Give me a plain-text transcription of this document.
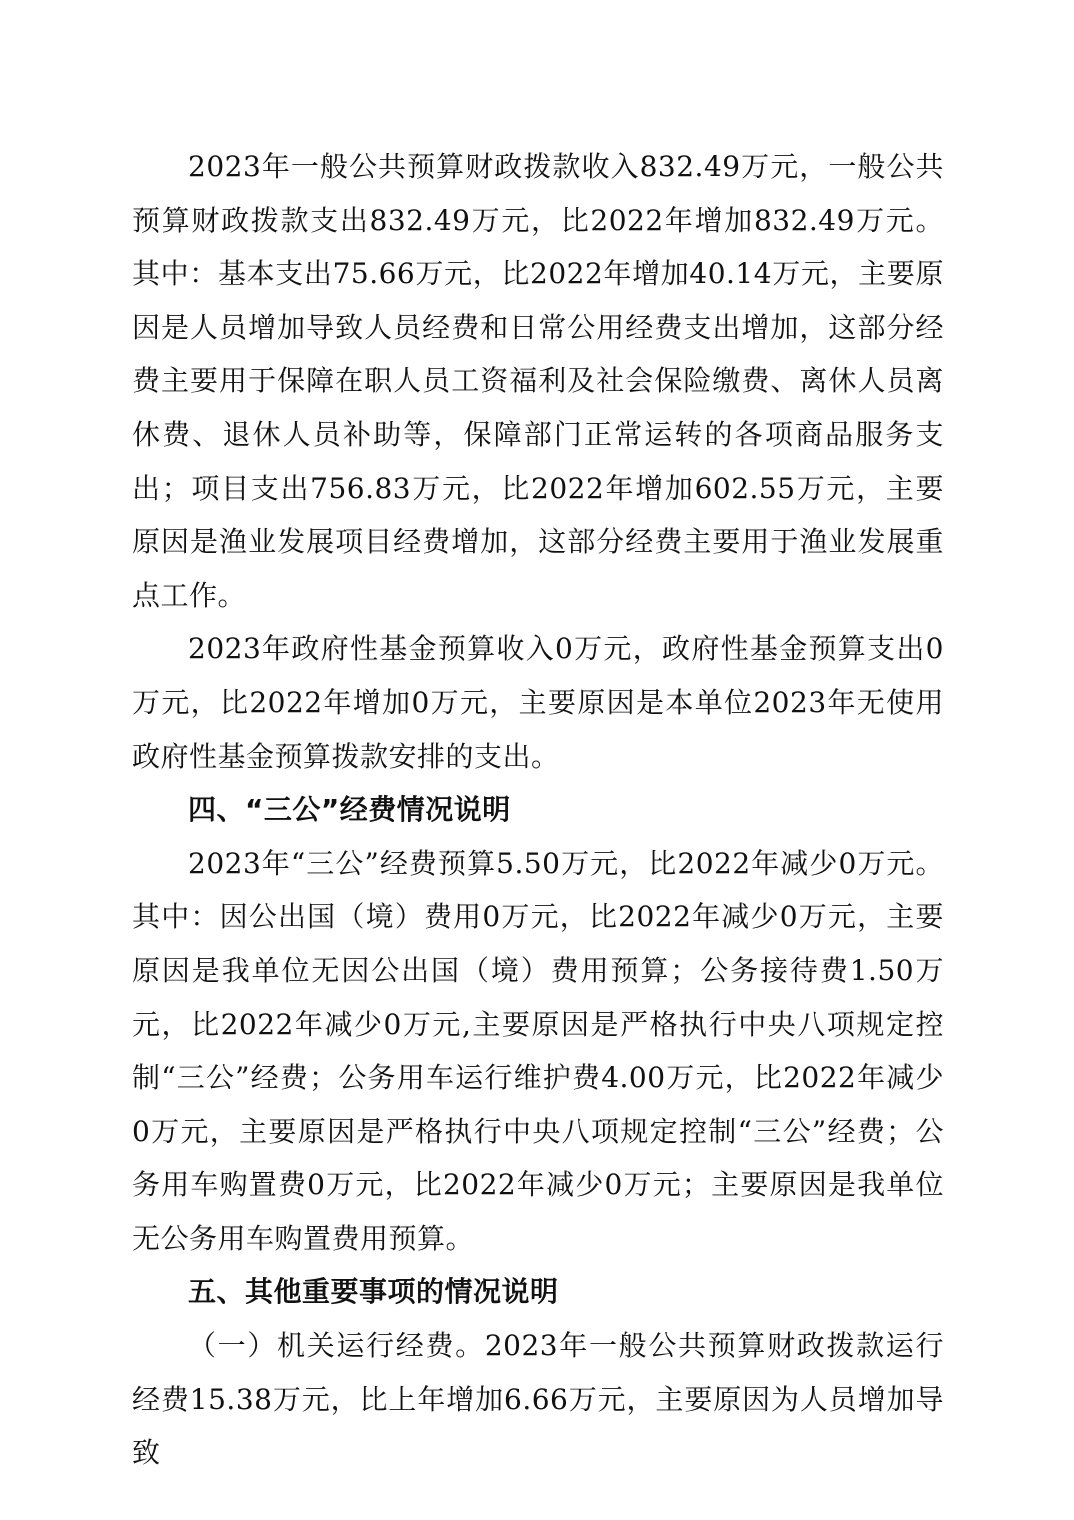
2023年一般公共预算财政拨款收入832.49万元，一般公共预算财政拨款支出832.49万元，比2022年增加832.49万元。其中：基本支出75.66万元，比2022年增加40.14万元，主要原因是人员增加导致人员经费和日常公用经费支出增加，这部分经费主要用于保障在职人员工资福利及社会保险缴费、离休人员离休费、退休人员补助等，保障部门正常运转的各项商品服务支出；项目支出756.83万元，比2022年增加602.55万元，主要原因是渔业发展项目经费增加，这部分经费主要用于渔业发展重点工作。

2023年政府性基金预算收入0万元，政府性基金预算支出0万元，比2022年增加0万元，主要原因是本单位2023年无使用政府性基金预算拨款安排的支出。

四、“三公”经费情况说明

2023年“三公”经费预算5.50万元，比2022年减少0万元。其中：因公出国（境）费用0万元，比2022年减少0万元，主要原因是我单位无因公出国（境）费用预算；公务接待费1.50万元，比2022年减少0万元,主要原因是严格执行中央八项规定控制“三公”经费；公务用车运行维护费4.00万元，比2022年减少0万元，主要原因是严格执行中央八项规定控制“三公”经费；公务用车购置费0万元，比2022年减少0万元；主要原因是我单位无公务用车购置费用预算。

五、其他重要事项的情况说明

（一）机关运行经费。2023年一般公共预算财政拨款运行经费15.38万元，比上年增加6.66万元，主要原因为人员增加导致
